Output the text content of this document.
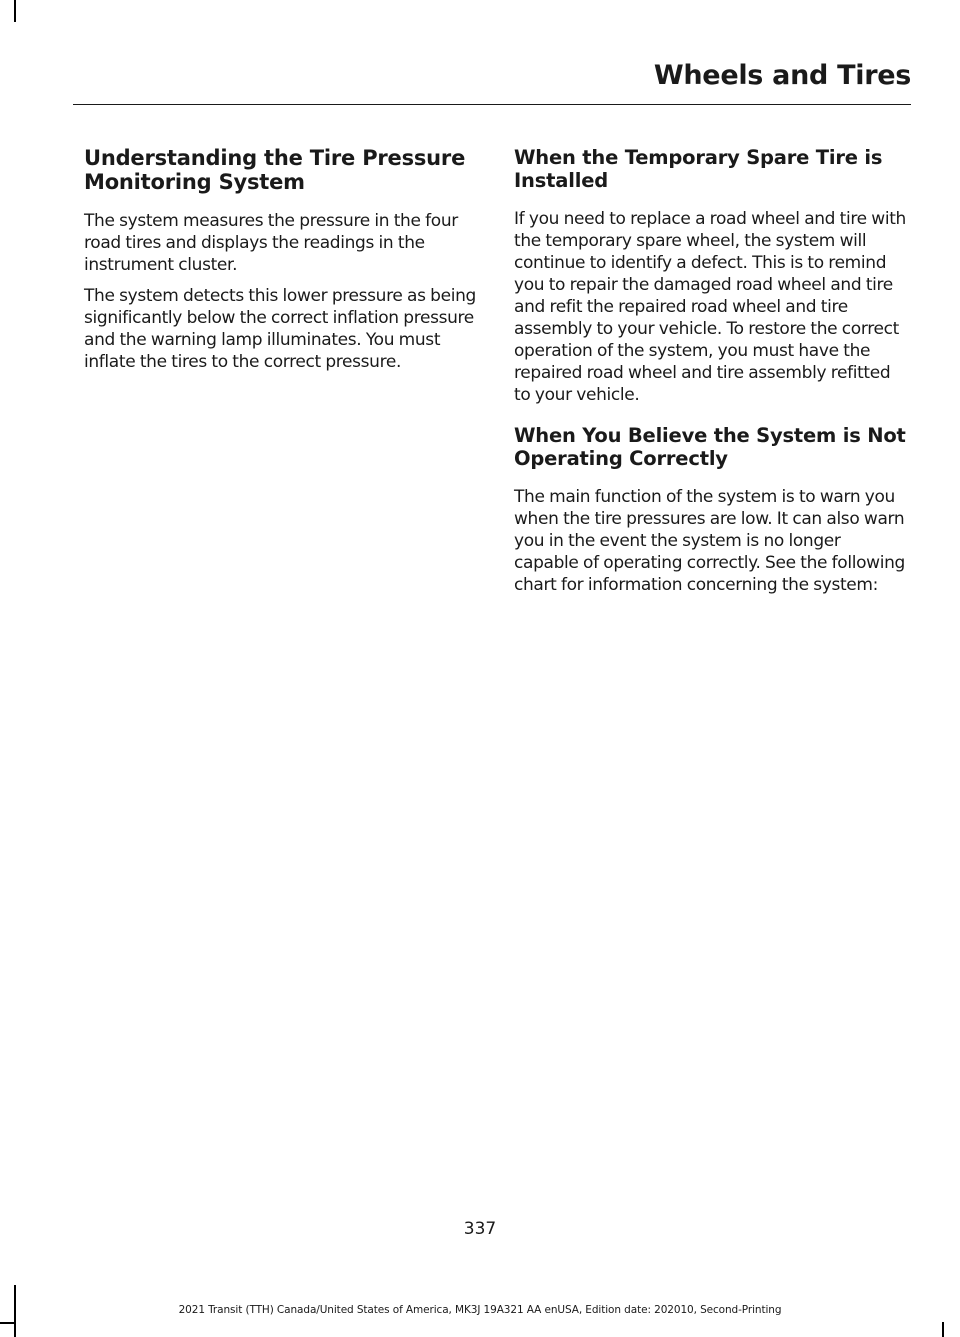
Wheels and Tires
Understanding the Tire Pressure Monitoring System

The system measures the pressure in the four road tires and displays the readings in the instrument cluster.

The system detects this lower pressure as being significantly below the correct inflation pressure and the warning lamp illuminates. You must inflate the tires to the correct pressure.

When the Temporary Spare Tire is Installed

If you need to replace a road wheel and tire with the temporary spare wheel, the system will continue to identify a defect. This is to remind you to repair the damaged road wheel and tire and refit the repaired road wheel and tire assembly to your vehicle. To restore the correct operation of the system, you must have the repaired road wheel and tire assembly refitted to your vehicle.

When You Believe the System is Not Operating Correctly

The main function of the system is to warn you when the tire pressures are low. It can also warn you in the event the system is no longer capable of operating correctly. See the following chart for information concerning the system:

337
2021 Transit (TTH) Canada/United States of America, MK3J 19A321 AA enUSA, Edition date: 202010, Second-Printing
